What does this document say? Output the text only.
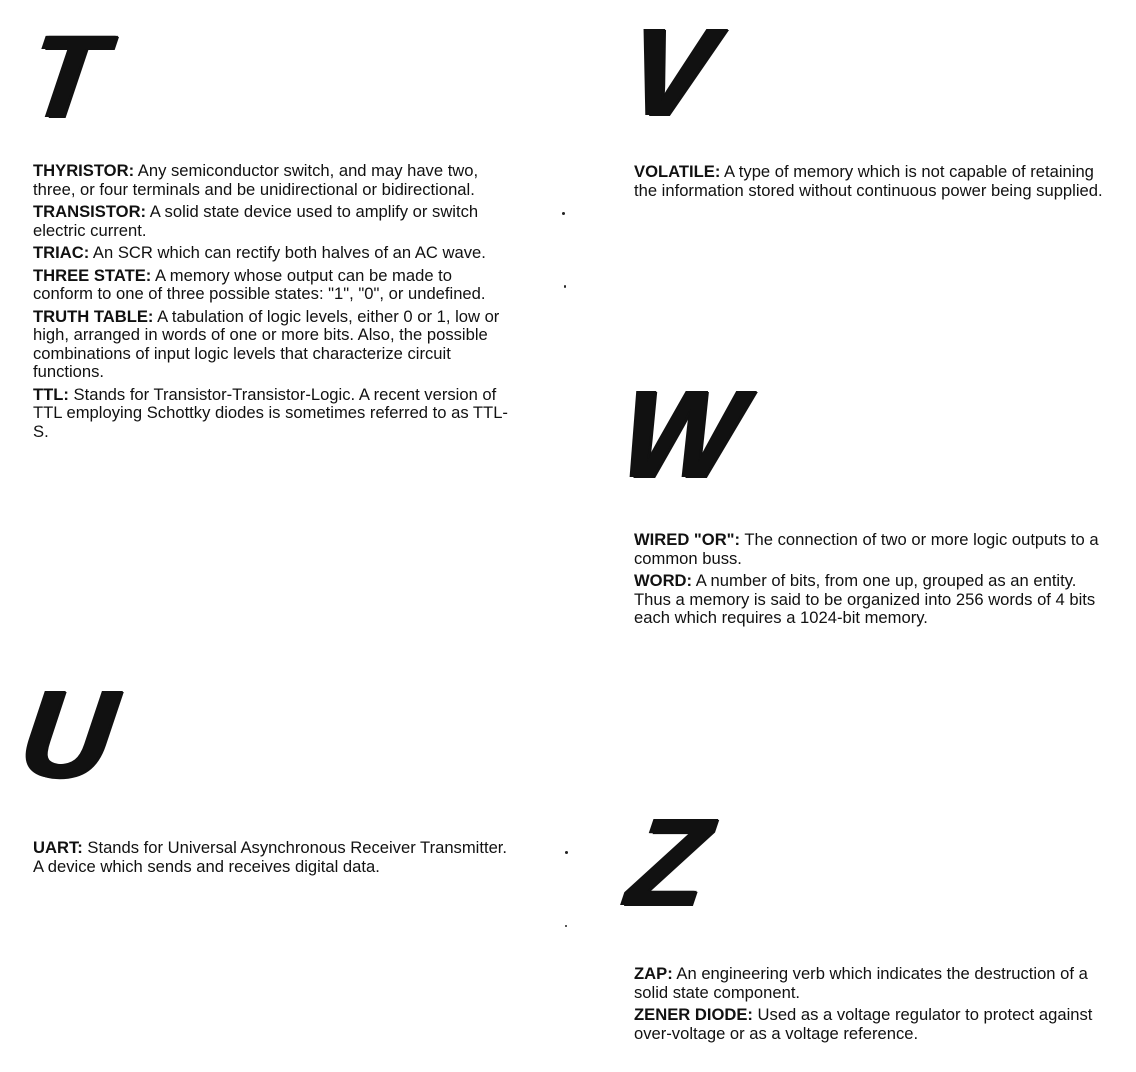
T

THYRISTOR: Any semiconductor switch, and may have two, three, or four terminals and be unidirectional or bidirectional.

TRANSISTOR: A solid state device used to amplify or switch electric current.

TRIAC: An SCR which can rectify both halves of an AC wave.

THREE STATE: A memory whose output can be made to conform to one of three possible states: "1", "0", or undefined.

TRUTH TABLE: A tabulation of logic levels, either 0 or 1, low or high, arranged in words of one or more bits. Also, the possible combinations of input logic levels that characterize circuit functions.

TTL: Stands for Transistor-Transistor-Logic. A recent version of TTL employing Schottky diodes is sometimes referred to as TTL-S.

U

UART: Stands for Universal Asynchronous Receiver Transmitter. A device which sends and receives digital data.

V

VOLATILE: A type of memory which is not capable of retaining the information stored without continuous power being supplied.

W

WIRED "OR": The connection of two or more logic outputs to a common buss.

WORD: A number of bits, from one up, grouped as an entity. Thus a memory is said to be organized into 256 words of 4 bits each which requires a 1024-bit memory.

Z

ZAP: An engineering verb which indicates the destruction of a solid state component.

ZENER DIODE: Used as a voltage regulator to protect against over-voltage or as a voltage reference.
